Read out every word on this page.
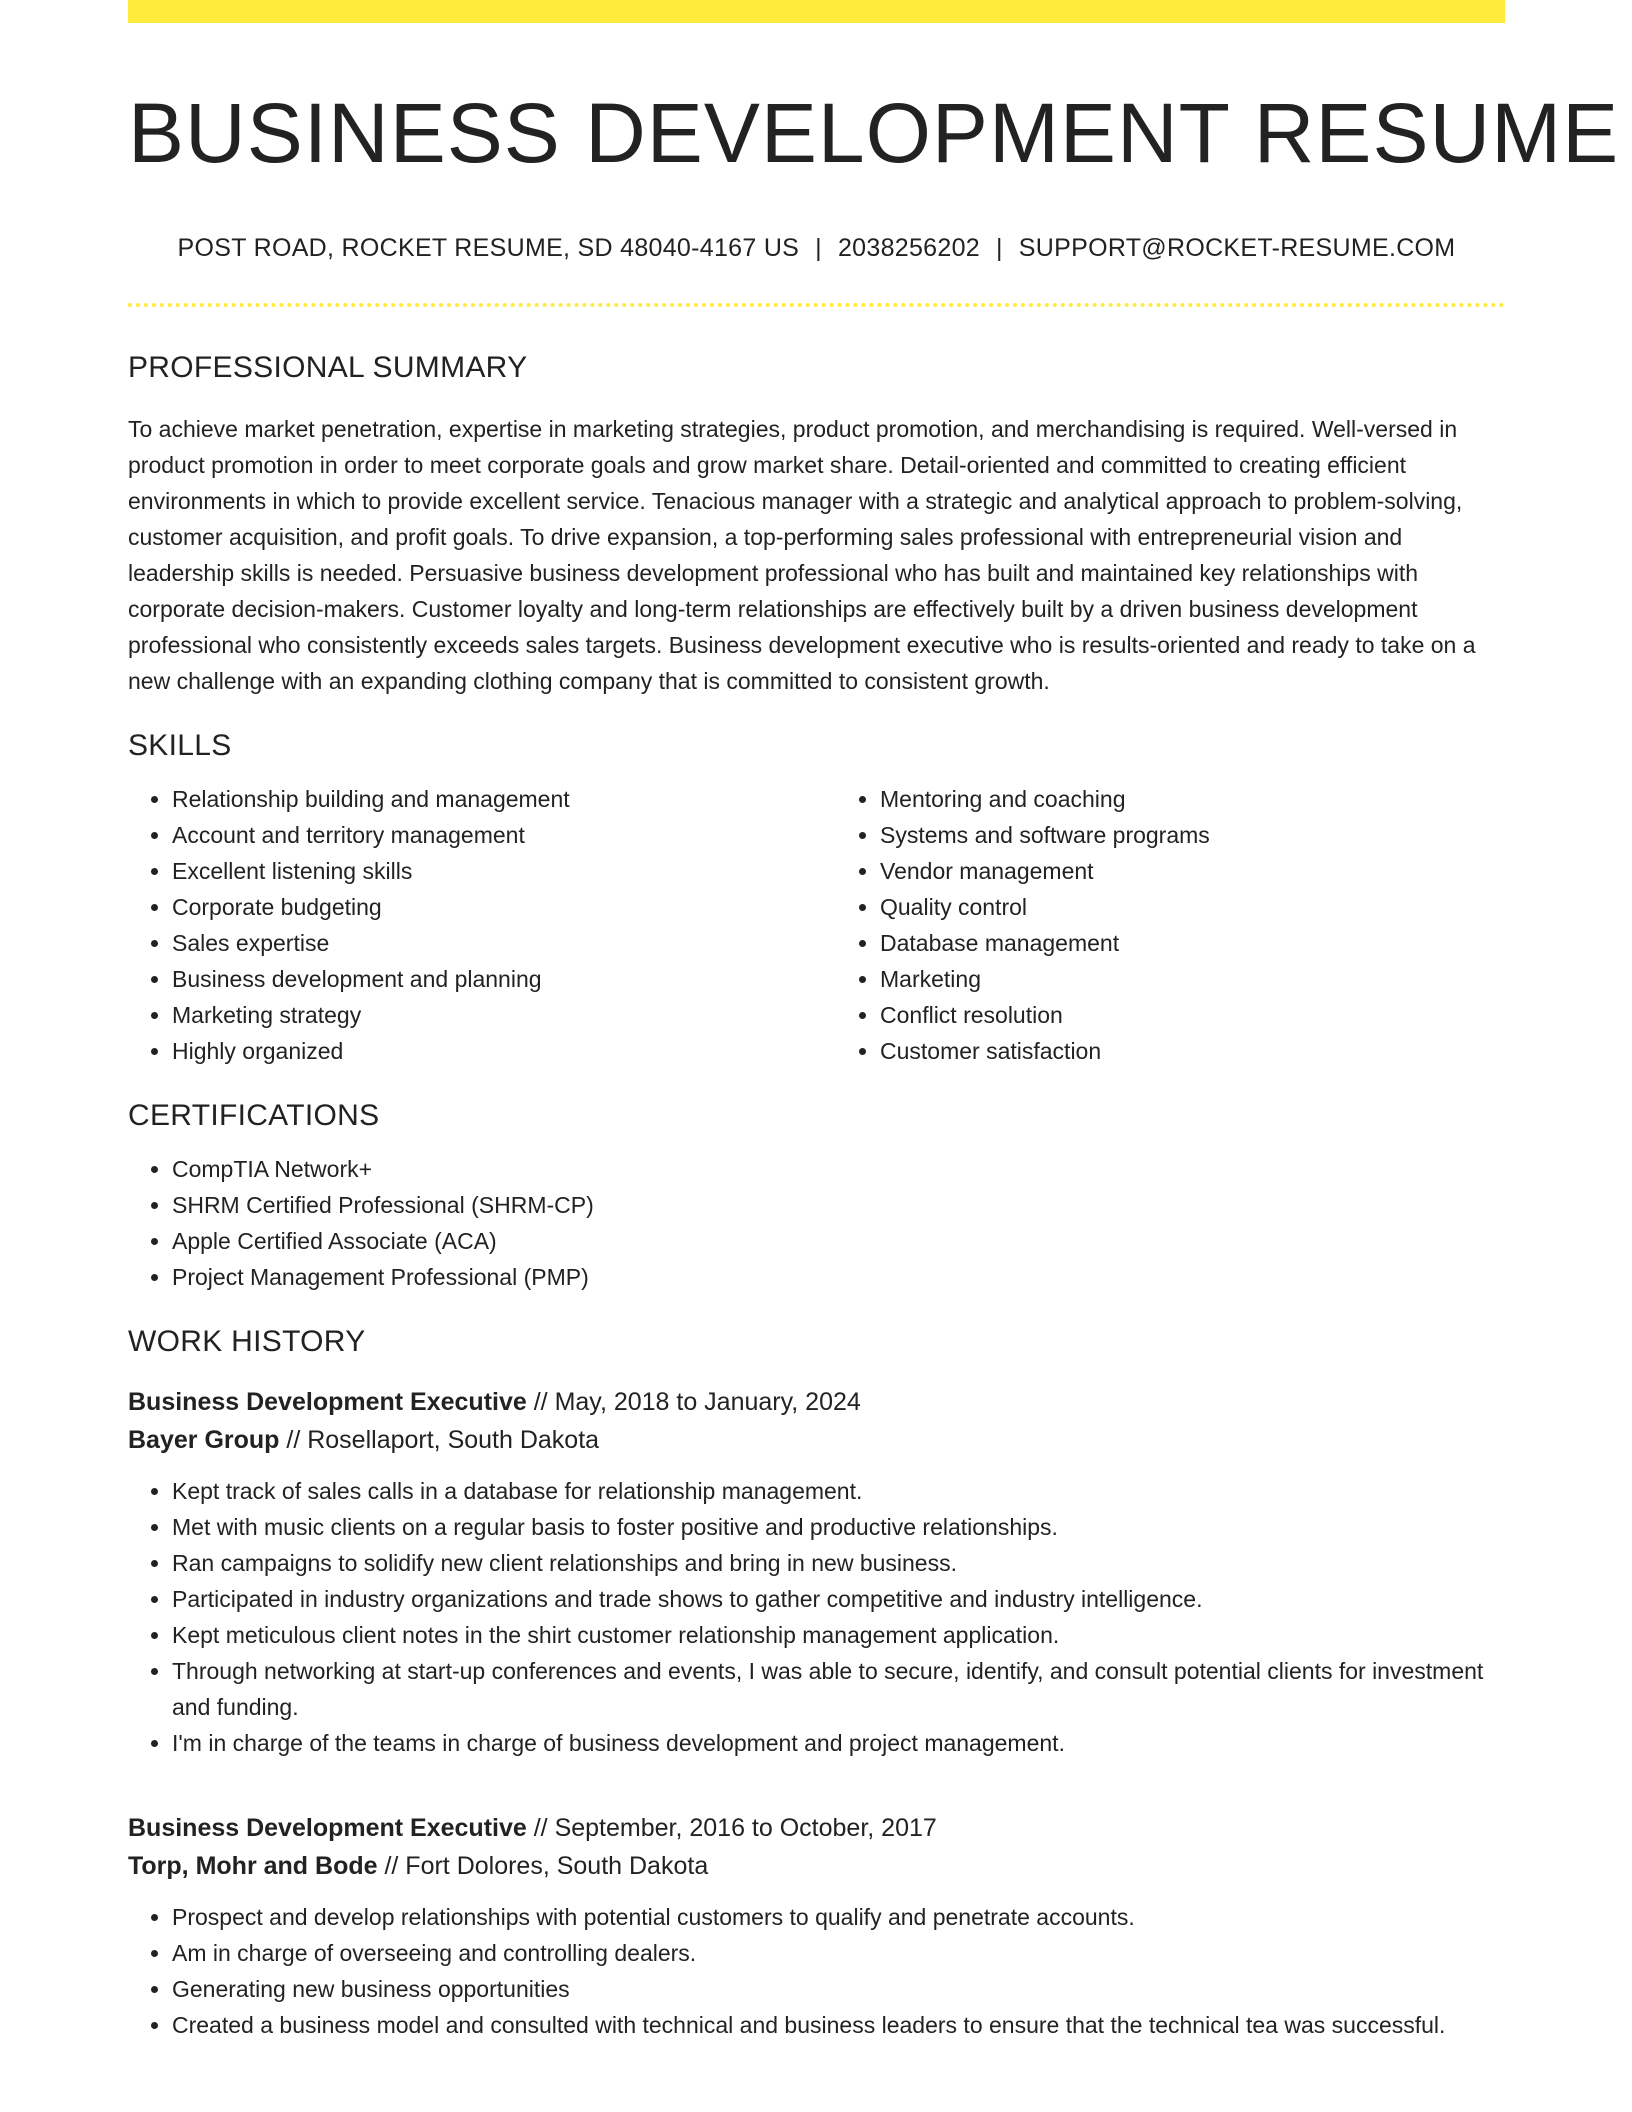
BUSINESS DEVELOPMENT RESUME
POST ROAD, ROCKET RESUME, SD 48040-4167 US | 2038256202 | SUPPORT@ROCKET-RESUME.COM
PROFESSIONAL SUMMARY
To achieve market penetration, expertise in marketing strategies, product promotion, and merchandising is required. Well-versed in product promotion in order to meet corporate goals and grow market share. Detail-oriented and committed to creating efficient environments in which to provide excellent service. Tenacious manager with a strategic and analytical approach to problem-solving, customer acquisition, and profit goals. To drive expansion, a top-performing sales professional with entrepreneurial vision and leadership skills is needed. Persuasive business development professional who has built and maintained key relationships with corporate decision-makers. Customer loyalty and long-term relationships are effectively built by a driven business development professional who consistently exceeds sales targets. Business development executive who is results-oriented and ready to take on a new challenge with an expanding clothing company that is committed to consistent growth.
SKILLS
• Relationship building and management
• Account and territory management
• Excellent listening skills
• Corporate budgeting
• Sales expertise
• Business development and planning
• Marketing strategy
• Highly organized
• Mentoring and coaching
• Systems and software programs
• Vendor management
• Quality control
• Database management
• Marketing
• Conflict resolution
• Customer satisfaction
CERTIFICATIONS
• CompTIA Network+
• SHRM Certified Professional (SHRM-CP)
• Apple Certified Associate (ACA)
• Project Management Professional (PMP)
WORK HISTORY
Business Development Executive // May, 2018 to January, 2024
Bayer Group // Rosellaport, South Dakota
• Kept track of sales calls in a database for relationship management.
• Met with music clients on a regular basis to foster positive and productive relationships.
• Ran campaigns to solidify new client relationships and bring in new business.
• Participated in industry organizations and trade shows to gather competitive and industry intelligence.
• Kept meticulous client notes in the shirt customer relationship management application.
• Through networking at start-up conferences and events, I was able to secure, identify, and consult potential clients for investment and funding.
• I'm in charge of the teams in charge of business development and project management.
Business Development Executive // September, 2016 to October, 2017
Torp, Mohr and Bode // Fort Dolores, South Dakota
• Prospect and develop relationships with potential customers to qualify and penetrate accounts.
• Am in charge of overseeing and controlling dealers.
• Generating new business opportunities
• Created a business model and consulted with technical and business leaders to ensure that the technical tea was successful.
